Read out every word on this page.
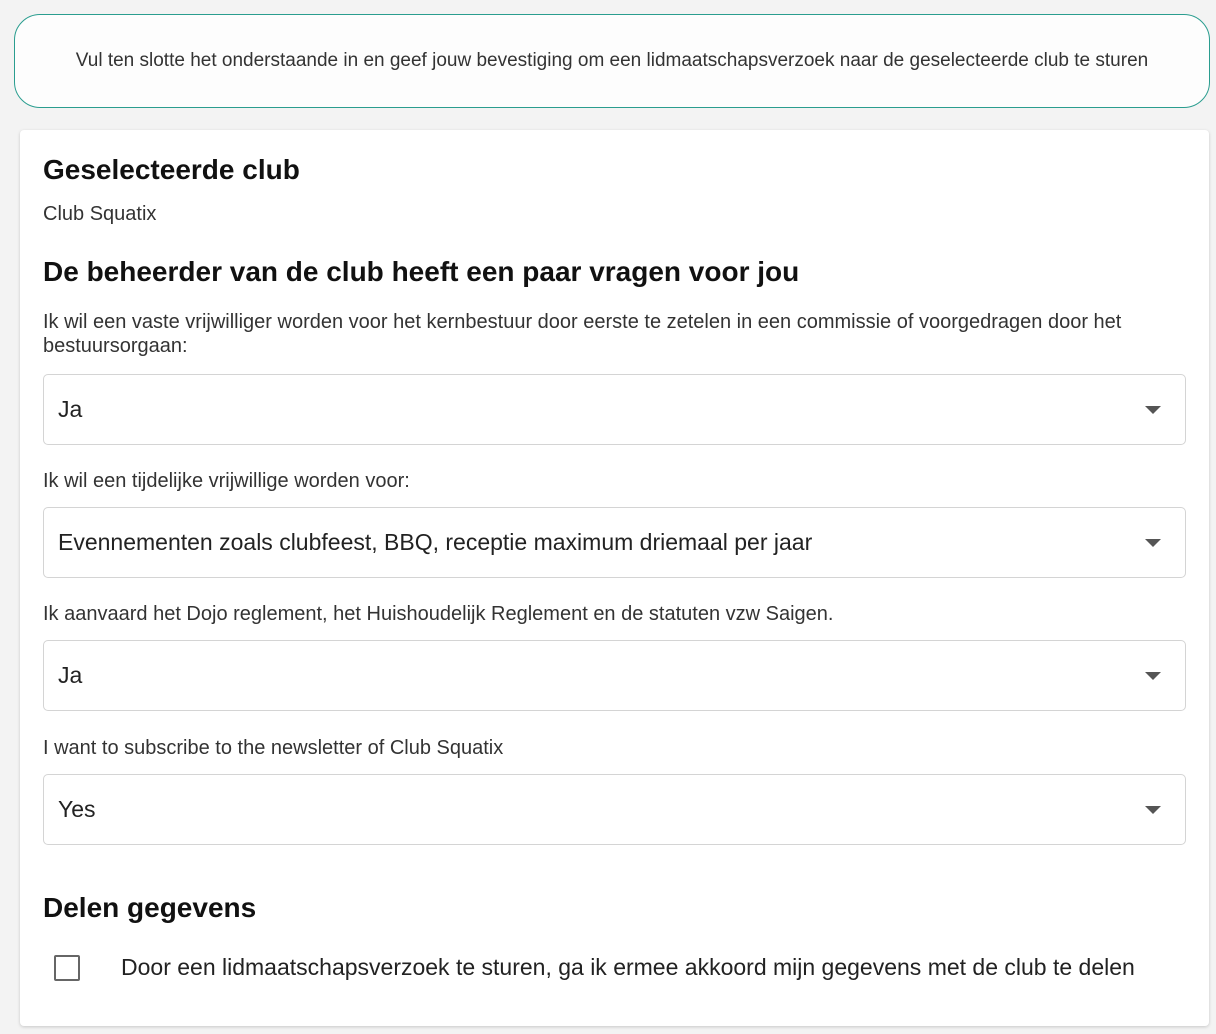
Vul ten slotte het onderstaande in en geef jouw bevestiging om een lidmaatschapsverzoek naar de geselecteerde club te sturen
Geselecteerde club
Club Squatix
De beheerder van de club heeft een paar vragen voor jou
Ik wil een vaste vrijwilliger worden voor het kernbestuur door eerste te zetelen in een commissie of voorgedragen door het bestuursorgaan:
Ja
Ik wil een tijdelijke vrijwillige worden voor:
Evennementen zoals clubfeest, BBQ, receptie maximum driemaal per jaar
Ik aanvaard het Dojo reglement, het Huishoudelijk Reglement en de statuten vzw Saigen.
Ja
I want to subscribe to the newsletter of Club Squatix
Yes
Delen gegevens
Door een lidmaatschapsverzoek te sturen, ga ik ermee akkoord mijn gegevens met de club te delen
